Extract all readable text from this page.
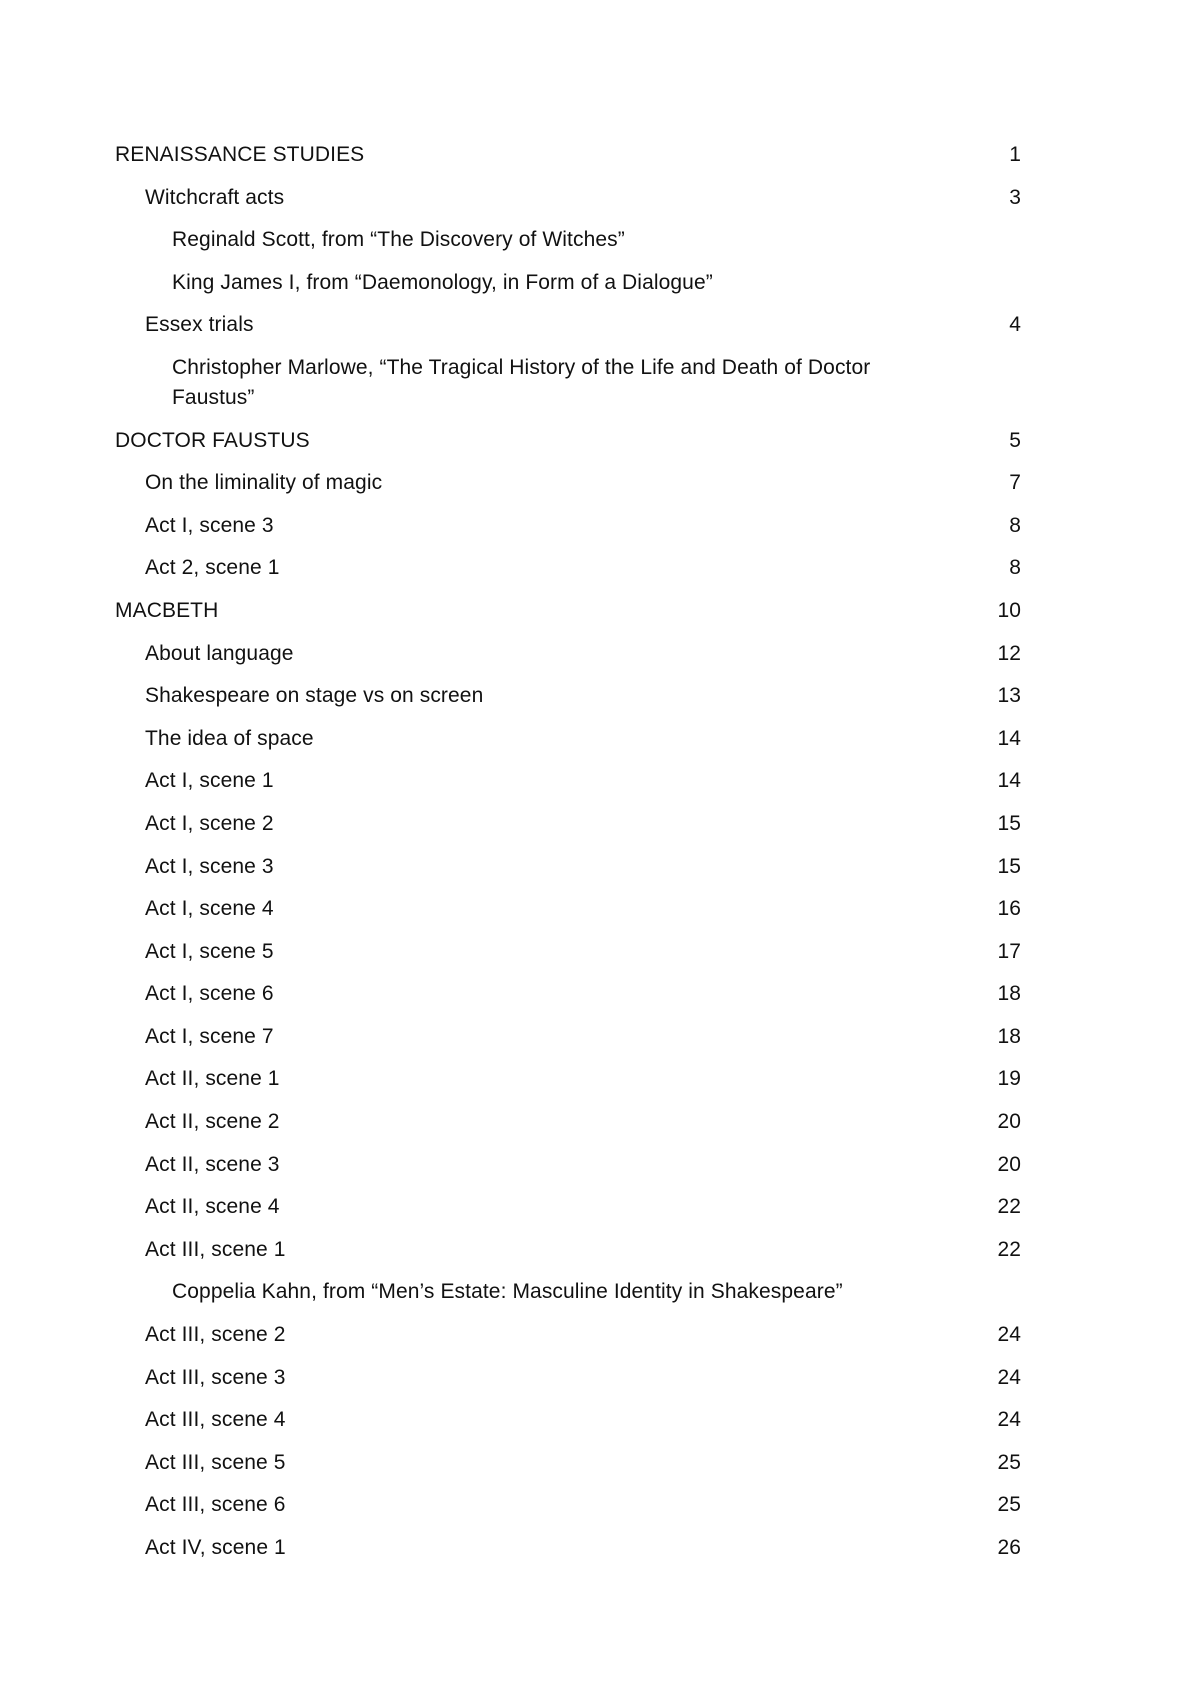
RENAISSANCE STUDIES	1
Witchcraft acts	3
Reginald Scott, from “The Discovery of Witches”
King James I, from “Daemonology, in Form of a Dialogue”
Essex trials	4
Christopher Marlowe, “The Tragical History of the Life and Death of Doctor Faustus”
DOCTOR FAUSTUS	5
On the liminality of magic	7
Act I, scene 3	8
Act 2, scene 1	8
MACBETH	10
About language	12
Shakespeare on stage vs on screen	13
The idea of space	14
Act I, scene 1	14
Act I, scene 2	15
Act I, scene 3	15
Act I, scene 4	16
Act I, scene 5	17
Act I, scene 6	18
Act I, scene 7	18
Act II, scene 1	19
Act II, scene 2	20
Act II, scene 3	20
Act II, scene 4	22
Act III, scene 1	22
Coppelia Kahn, from “Men’s Estate: Masculine Identity in Shakespeare”
Act III, scene 2	24
Act III, scene 3	24
Act III, scene 4	24
Act III, scene 5	25
Act III, scene 6	25
Act IV, scene 1	26
